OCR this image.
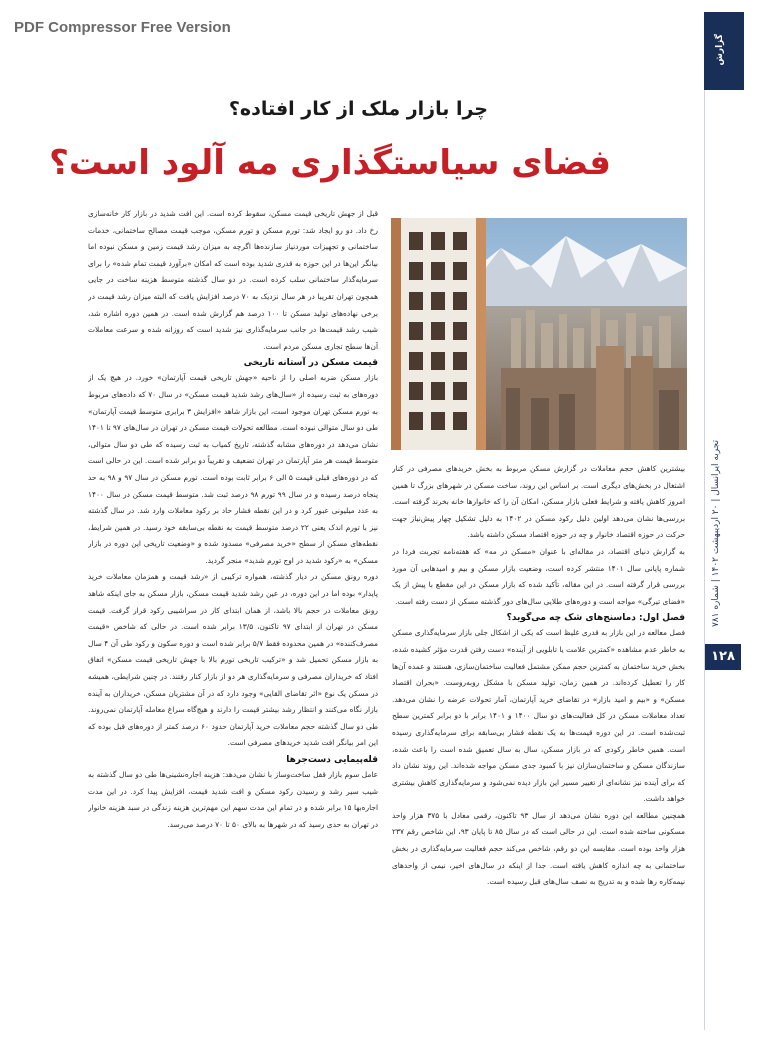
PDF Compressor Free Version
گزارش
تجربه ایرانسال | ۲۰ اردیبهشت ۱۴۰۲ | شماره ۷۸۱
۱۲۸
چرا بازار ملک از کار افتاده؟
فضای سیاستگذاری مه آلود است؟

قبل از جهش تاریخی قیمت مسکن، سقوط کرده است. این افت شدید در بازار کار خانه‌سازی رخ داد. دو رو ایجاد شد: تورم مسکن و تورم مسکن، موجب قیمت مصالح ساختمانی، خدمات ساختمانی و تجهیزات موردنیاز سازنده‌ها اگرچه به میزان رشد قیمت زمین و مسکن نبوده اما بیانگر این‌ها در این حوزه به قدری شدید بوده است که امکان «برآورد قیمت تمام شده» را برای سرمایه‌گذار ساختمانی سلب کرده است. در دو سال گذشته متوسط هزینه ساخت در جایی همچون تهران تقریبا در هر سال نزدیک به ۷۰ درصد افزایش یافت که البته میزان رشد قیمت در برخی نهاده‌های تولید مسکن تا ۱۰۰ درصد هم گزارش شده است. در همین دوره اشاره شد، شیب رشد قیمت‌ها در جانب سرمایه‌گذاری نیز شدید است که روزانه شده و سرعت معاملات آن‌ها سطح تجاری مسکن مردم است.

قیمت مسکن در آستانه تاریخی

بازار مسکن ضربه اصلی را از ناحیه «جهش تاریخی قیمت آپارتمان» خورد. در هیچ یک از دوره‌های به ثبت رسیده از «سال‌های رشد شدید قیمت مسکن» در سال ۷۰ که داده‌های مربوط به تورم مسکن تهران موجود است، این بازار شاهد «افزایش ۳ برابری متوسط قیمت آپارتمان» طی دو سال متوالی نبوده است. مطالعه تحولات قیمت مسکن در تهران در سال‌های ۹۷ تا ۱۴۰۱ نشان می‌دهد در دوره‌های مشابه گذشته، تاریخ کمیاب به ثبت رسیده که طی دو سال متوالی، متوسط قیمت هر متر آپارتمان در تهران تضعیف و تقریباً دو برابر شده است. این در حالی است که در دوره‌های قبلی قیمت ۵ الی ۶ برابر ثابت بوده است. تورم مسکن در سال ۹۷ و ۹۸ به حد پنجاه درصد رسیده و در سال ۹۹ تورم ۹۸ درصد ثبت شد. متوسط قیمت مسکن در سال ۱۴۰۰ به عدد میلیونی عبور کرد و در این نقطه فشار حاد بر رکود معاملات وارد شد. در سال گذشته نیز با تورم اندک یعنی ۲۲ درصد متوسط قیمت به نقطه بی‌سابقه خود رسید. در همین شرایط، نقطه‌های مسکن از سطح «خرید مصرفی» مسدود شده و «وضعیت تاریخی این دوره در بازار مسکن» به «رکود شدید در اوج تورم شدید» منجر گردید.

دوره رونق مسکن در دیار گذشته، همواره ترکیبی از «رشد قیمت و همزمان معاملات خرید پایدار» بوده اما در این دوره، در عین رشد شدید قیمت مسکن، بازار مسکن به جای اینکه شاهد رونق معاملات در حجم بالا باشد، از همان ابتدای کار در سراشیبی رکود قرار گرفت. قیمت مسکن در تهران از ابتدای ۹۷ تاکنون، ۱۳/۵ برابر شده است. در حالی که شاخص «قیمت مصرف‌کننده» در همین محدوده فقط ۵/۷ برابر شده است و دوره سکون و رکود طی آن ۴ سال به بازار مسکن تحمیل شد و «ترکیب تاریخی تورم بالا با جهش تاریخی قیمت مسکن» اتفاق افتاد که خریداران مصرفی و سرمایه‌گذاری هر دو از بازار کنار رفتند. در چنین شرایطی، همیشه در مسکن یک نوع «اثر تقاضای القایی» وجود دارد که در آن مشتریان مسکن، خریداران به آینده بازار نگاه می‌کنند و انتظار رشد بیشتر قیمت را دارند و هیچ‌گاه سراغ معامله آپارتمان نمی‌روند. طی دو سال گذشته حجم معاملات خرید آپارتمان حدود ۶۰ درصد کمتر از دوره‌های قبل بوده که این امر بیانگر افت شدید خریدهای مصرفی است.

قله‌پیمایی دست‌جرها

عامل سوم بازار قفل ساخت‌وساز با نشان می‌دهد: هزینه اجاره‌نشینی‌ها طی دو سال گذشته به شیب سیر رشد و رسیدن رکود مسکن و افت شدید قیمت، افزایش پیدا کرد. در این مدت اجاره‌بها ۱۵ برابر شده و در تمام این مدت سهم این مهم‌ترین هزینه زندگی در سبد هزینه خانوار در تهران به حدی رسید که در شهرها به بالای ۵۰ تا ۷۰ درصد می‌رسد.

بیشترین کاهش حجم معاملات در گزارش مسکن مربوط به بخش خریدهای مصرفی در کنار اشتغال در بخش‌های دیگری است. بر اساس این روند، ساخت مسکن در شهرهای بزرگ تا همین امروز کاهش یافته و شرایط فعلی بازار مسکن، امکان آن را که خانوارها خانه بخرند گرفته است. بررسی‌ها نشان می‌دهد اولین دلیل رکود مسکن در ۱۴۰۲ به دلیل تشکیل چهار پیش‌نیاز جهت حرکت در حوزه اقتصاد خانوار و چه در حوزه اقتصاد مسکن داشته باشد.

به گزارش دنیای اقتصاد، در مقاله‌ای با عنوان «مسکن در مه» که هفته‌نامه تجربت فردا در شماره پایانی سال ۱۴۰۱ منتشر کرده است، وضعیت بازار مسکن و بیم و امیدهایی آن مورد بررسی قرار گرفته است. در این مقاله، تأکید شده که بازار مسکن در این مقطع با پیش از یک «فضای تیرگی» مواجه است و دوره‌های طلایی سال‌های دور گذشته مسکن از دست رفته است.

فصل اول: دماسنج‌های شک چه می‌گوید؟

فصل معالعه در این بازار به قدری غلیظ است که یکی از اشکال جلی بازار سرمایه‌گذاری مسکن به خاطر عدم مشاهده «کمترین علامت یا تابلویی از آینده» دست رفتن قدرت مؤثر کشیده شده، بخش خرید ساختمان به کمترین حجم ممکن مشتمل فعالیت ساختمان‌سازی، هستند و عمده آن‌ها کار را تعطیل کرده‌اند. در همین زمان، تولید مسکن با مشکل روبه‌روست. «بحران اقتصاد مسکن» و «بیم و امید بازار» در تقاضای خرید آپارتمان، آمار تحولات عرضه را نشان می‌دهد. تعداد معاملات مسکن در کل فعالیت‌های دو سال ۱۴۰۰ و ۱۴۰۱ برابر با دو برابر کمترین سطح ثبت‌شده است. در این دوره قیمت‌ها به یک نقطه فشار بی‌سابقه برای سرمایه‌گذاری رسیده است. همین خاطر رکودی که در بازار مسکن، سال به سال تعمیق شده است را باعث شده، سازندگان مسکن و ساختمان‌سازان نیز با کمبود جدی مسکن مواجه شده‌اند. این روند نشان داد که برای آینده نیز نشانه‌ای از تغییر مسیر این بازار دیده نمی‌شود و سرمایه‌گذاری کاهش بیشتری خواهد داشت.

همچنین مطالعه این دوره نشان می‌دهد از سال ۹۳ تاکنون، رقمی معادل با ۳۷۵ هزار واحد مسکونی ساخته شده است. این در حالی است که در سال ۸۵ تا پایان ۹۳، این شاخص رقم ۲۳۷ هزار واحد بوده است. مقایسه این دو رقم، شاخص می‌کند حجم فعالیت سرمایه‌گذاری در بخش ساختمانی به چه اندازه کاهش یافته است. جدا از اینکه در سال‌های اخیر، نیمی از واحدهای نیمه‌کاره رها شده و به تدریج به نصف سال‌های قبل رسیده است.
